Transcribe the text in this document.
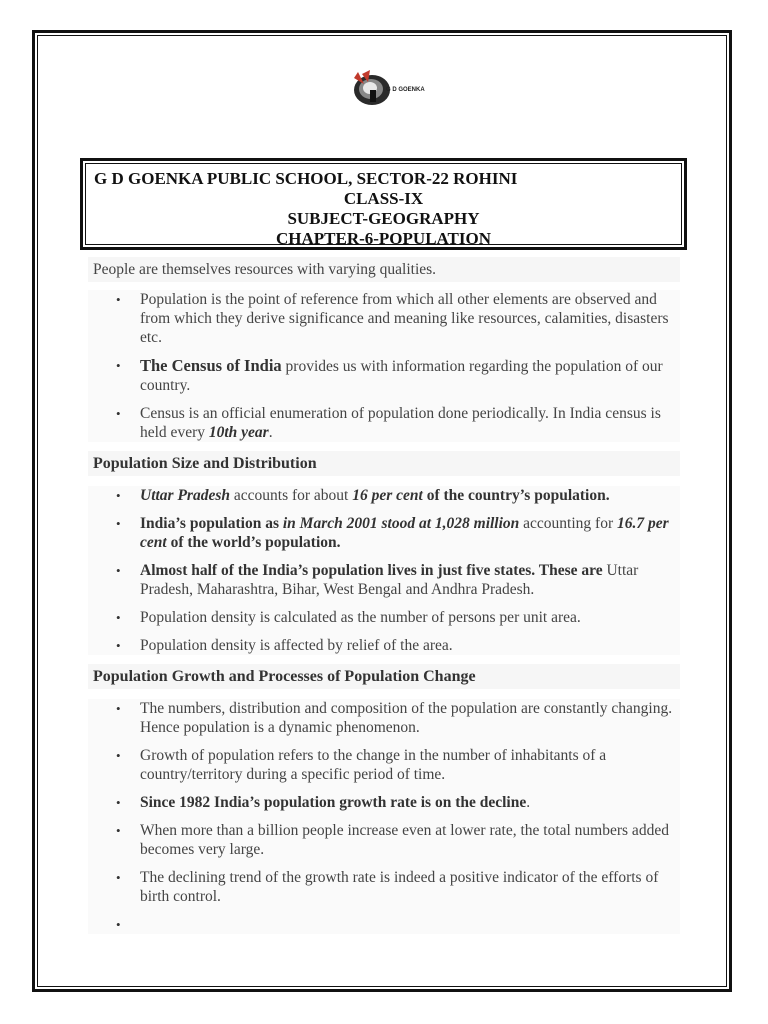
G D GOENKA
G D GOENKA PUBLIC SCHOOL, SECTOR-22 ROHINI
CLASS-IX
SUBJECT-GEOGRAPHY
CHAPTER-6-POPULATION
People are themselves resources with varying qualities.
• Population is the point of reference from which all other elements are observed and from which they derive significance and meaning like resources, calamities, disasters etc.
• The Census of India provides us with information regarding the population of our country.
• Census is an official enumeration of population done periodically. In India census is held every 10th year.
Population Size and Distribution
• Uttar Pradesh accounts for about 16 per cent of the country’s population.
• India’s population as in March 2001 stood at 1,028 million accounting for 16.7 per cent of the world’s population.
• Almost half of the India’s population lives in just five states. These are Uttar Pradesh, Maharashtra, Bihar, West Bengal and Andhra Pradesh.
• Population density is calculated as the number of persons per unit area.
• Population density is affected by relief of the area.
Population Growth and Processes of Population Change
• The numbers, distribution and composition of the population are constantly changing. Hence population is a dynamic phenomenon.
• Growth of population refers to the change in the number of inhabitants of a country/territory during a specific period of time.
• Since 1982 India’s population growth rate is on the decline.
• When more than a billion people increase even at lower rate, the total numbers added becomes very large.
• The declining trend of the growth rate is indeed a positive indicator of the efforts of birth control.
•
